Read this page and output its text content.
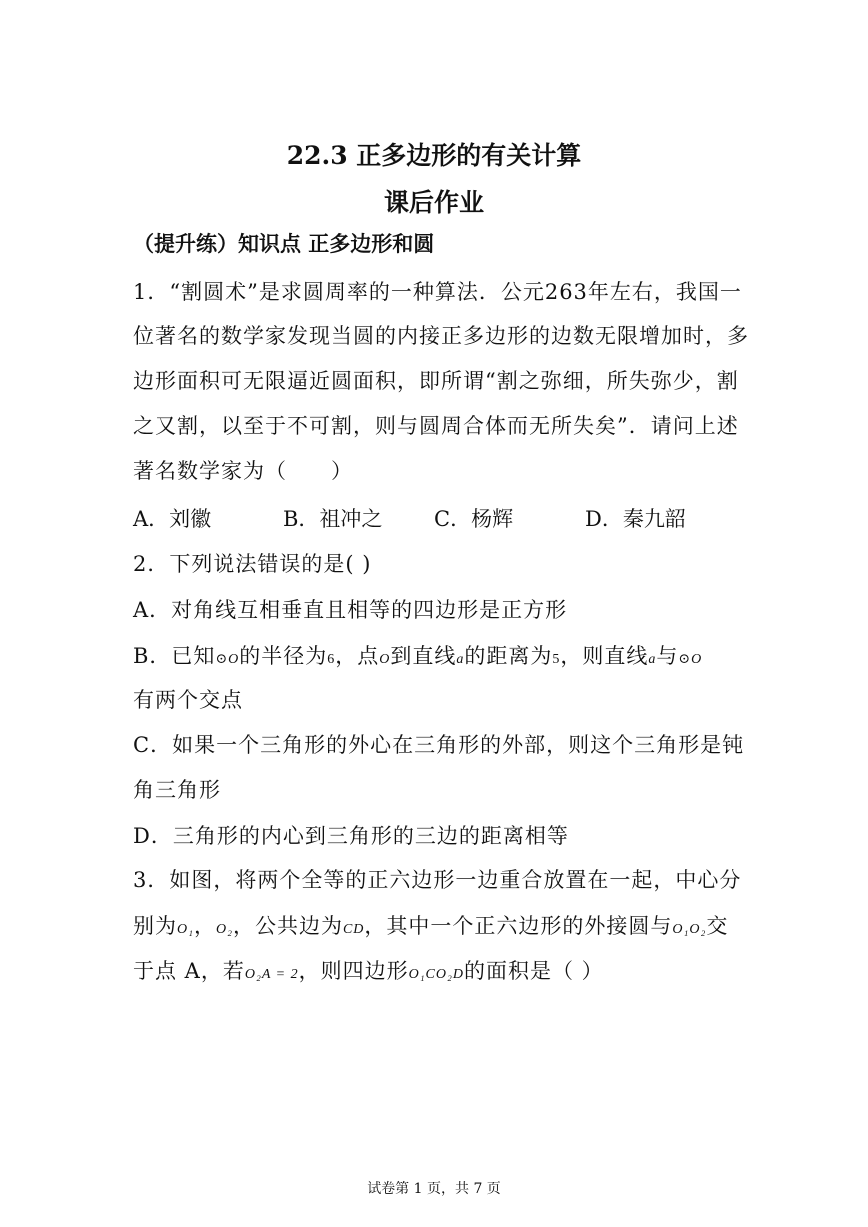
22.3 正多边形的有关计算
课后作业
（提升练）知识点 正多边形和圆
1．“割圆术”是求圆周率的一种算法．公元263年左右，我国一
位著名的数学家发现当圆的内接正多边形的边数无限增加时，多
边形面积可无限逼近圆面积，即所谓“割之弥细，所失弥少，割
之又割，以至于不可割，则与圆周合体而无所失矣”．请问上述
著名数学家为（　　）
A．刘徽	B．祖冲之 C．杨辉	D．秦九韶
2．下列说法错误的是( )
A．对角线互相垂直且相等的四边形是正方形
B．已知⊙O的半径为6，点O到直线a的距离为5，则直线a与⊙O
有两个交点
C．如果一个三角形的外心在三角形的外部，则这个三角形是钝
角三角形
D．三角形的内心到三角形的三边的距离相等
3．如图，将两个全等的正六边形一边重合放置在一起，中心分
别为O₁，O₂，公共边为CD，其中一个正六边形的外接圆与O₁O₂交
于点 A，若O₂A = 2，则四边形O₁CO₂D的面积是（ ）
试卷第 1 页，共 7 页
